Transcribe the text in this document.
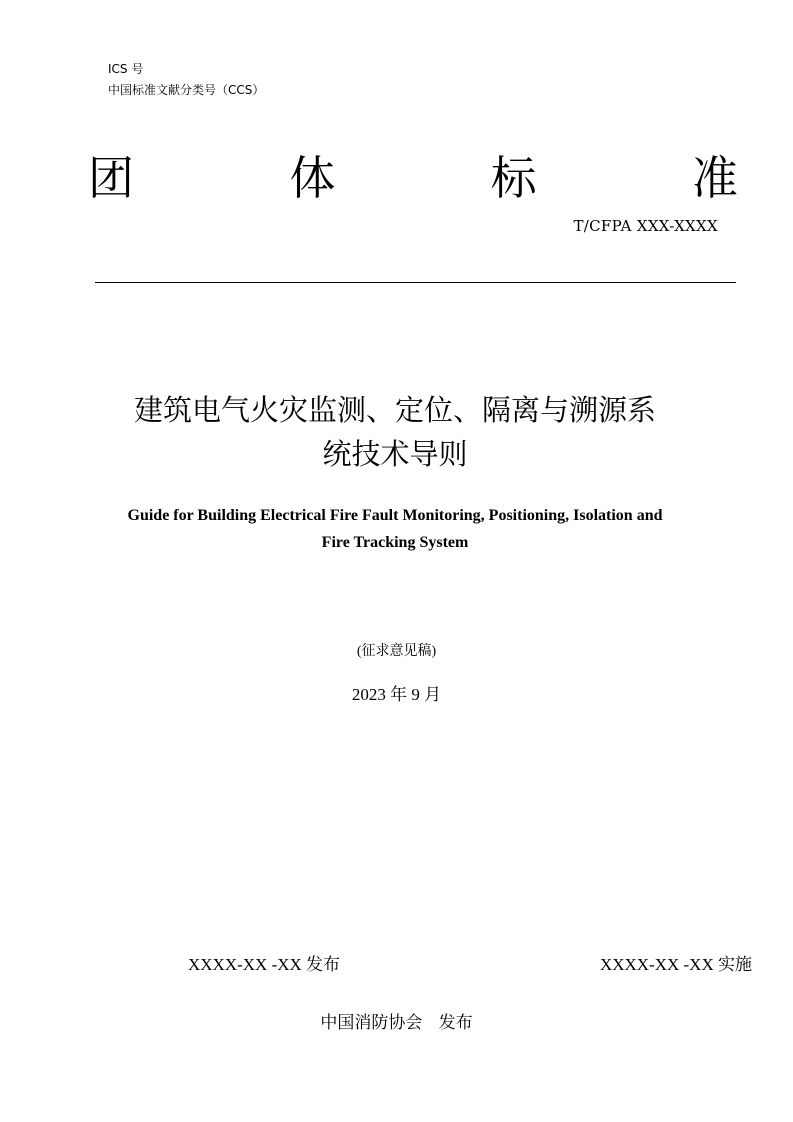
ICS 号
中国标准文献分类号（CCS）
团	体	标	准
T/CFPA XXX-XXXX
建筑电气火灾监测、定位、隔离与溯源系
统技术导则
Guide for Building Electrical Fire Fault Monitoring, Positioning, Isolation and
Fire Tracking System
(征求意见稿)
2023 年 9 月
XXXX-XX -XX 发布	XXXX-XX -XX 实施
中国消防协会   发布
